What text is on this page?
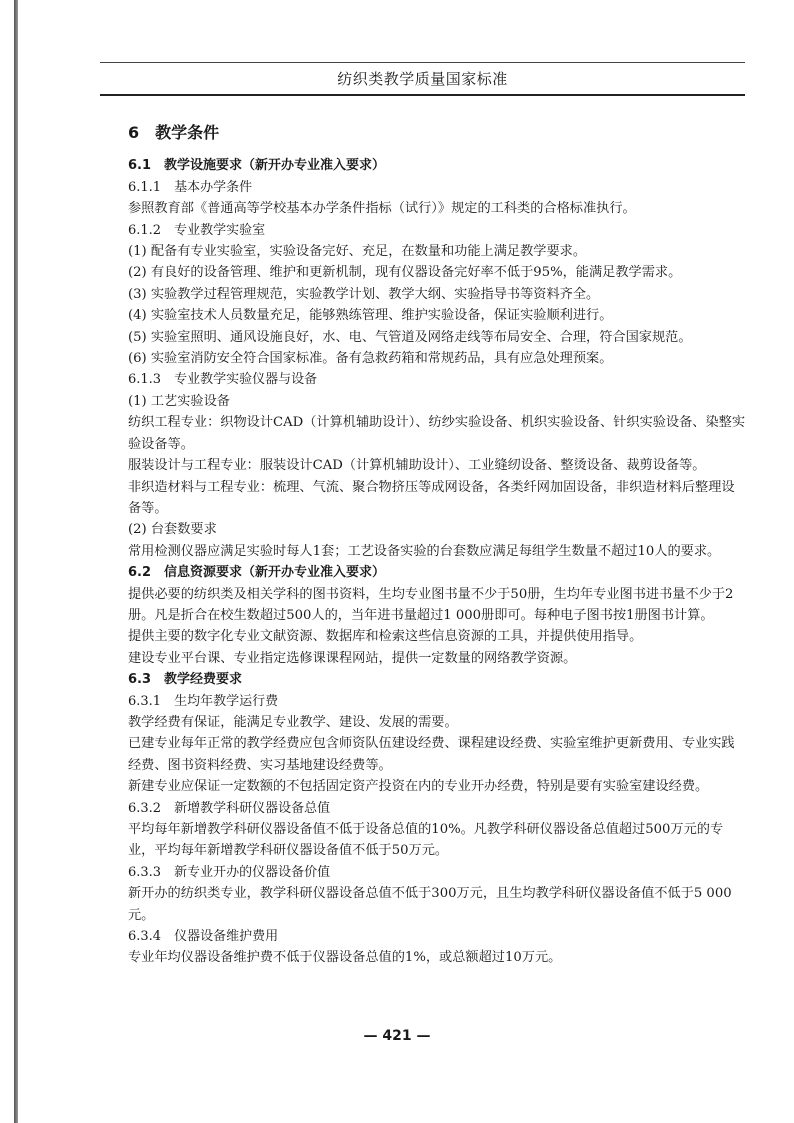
纺织类教学质量国家标准

6　教学条件

6.1　教学设施要求（新开办专业准入要求）

6.1.1　基本办学条件

参照教育部《普通高等学校基本办学条件指标（试行）》规定的工科类的合格标准执行。

6.1.2　专业教学实验室

(1) 配备有专业实验室，实验设备完好、充足，在数量和功能上满足教学要求。

(2) 有良好的设备管理、维护和更新机制，现有仪器设备完好率不低于95%，能满足教学需求。

(3) 实验教学过程管理规范，实验教学计划、教学大纲、实验指导书等资料齐全。

(4) 实验室技术人员数量充足，能够熟练管理、维护实验设备，保证实验顺利进行。

(5) 实验室照明、通风设施良好，水、电、气管道及网络走线等布局安全、合理，符合国家规范。

(6) 实验室消防安全符合国家标准。备有急救药箱和常规药品，具有应急处理预案。

6.1.3　专业教学实验仪器与设备

(1) 工艺实验设备

纺织工程专业：织物设计CAD（计算机辅助设计）、纺纱实验设备、机织实验设备、针织实验设备、染整实验设备等。

服装设计与工程专业：服装设计CAD（计算机辅助设计）、工业缝纫设备、整烫设备、裁剪设备等。

非织造材料与工程专业：梳理、气流、聚合物挤压等成网设备，各类纤网加固设备，非织造材料后整理设备等。

(2) 台套数要求

常用检测仪器应满足实验时每人1套；工艺设备实验的台套数应满足每组学生数量不超过10人的要求。

6.2　信息资源要求（新开办专业准入要求）

提供必要的纺织类及相关学科的图书资料，生均专业图书量不少于50册，生均年专业图书进书量不少于2册。凡是折合在校生数超过500人的，当年进书量超过1 000册即可。每种电子图书按1册图书计算。

提供主要的数字化专业文献资源、数据库和检索这些信息资源的工具，并提供使用指导。

建设专业平台课、专业指定选修课课程网站，提供一定数量的网络教学资源。

6.3　教学经费要求

6.3.1　生均年教学运行费

教学经费有保证，能满足专业教学、建设、发展的需要。

已建专业每年正常的教学经费应包含师资队伍建设经费、课程建设经费、实验室维护更新费用、专业实践经费、图书资料经费、实习基地建设经费等。

新建专业应保证一定数额的不包括固定资产投资在内的专业开办经费，特别是要有实验室建设经费。

6.3.2　新增教学科研仪器设备总值

平均每年新增教学科研仪器设备值不低于设备总值的10%。凡教学科研仪器设备总值超过500万元的专业，平均每年新增教学科研仪器设备值不低于50万元。

6.3.3　新专业开办的仪器设备价值

新开办的纺织类专业，教学科研仪器设备总值不低于300万元，且生均教学科研仪器设备值不低于5 000元。

6.3.4　仪器设备维护费用

专业年均仪器设备维护费不低于仪器设备总值的1%，或总额超过10万元。

— 421 —
